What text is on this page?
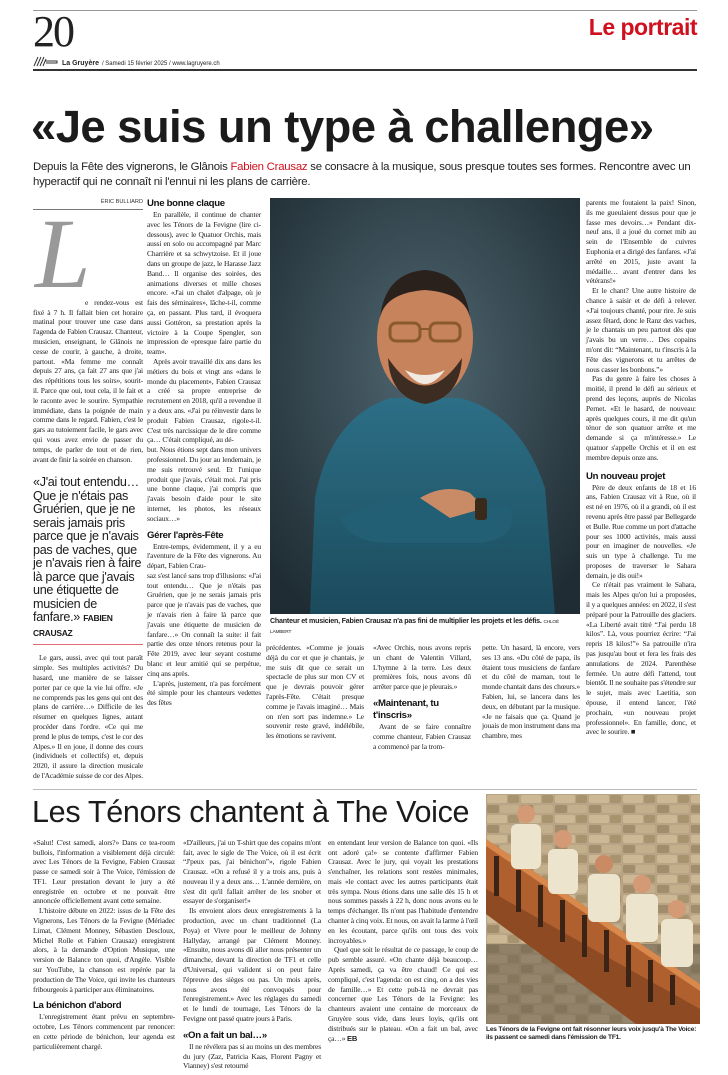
20	Le portrait
La Gruyère / Samedi 15 février 2025 / www.lagruyere.ch
«Je suis un type à challenge»
Depuis la Fête des vignerons, le Glânois Fabien Crausaz se consacre à la musique, sous presque toutes ses formes. Rencontre avec un hyperactif qui ne connaît ni l'ennui ni les plans de carrière.
ÉRIC BULLIARD
L

e rendez-vous est fixé à 7 h. Il fallait bien cet horaire matinal pour trouver une case dans l'agenda de Fabien Crausaz. Chanteur, musicien, enseignant, le Glânois ne cesse de courir, à gauche, à droite, partout. «Ma femme me connaît depuis 27 ans, ça fait 27 ans que j'ai des répétitions tous les soirs», sourit-il. Parce que oui, tout cela, il le fait et le raconte avec le sourire. Sympathie immédiate, dans la poignée de main comme dans le regard. Fabien, c'est le gars au tutoiement facile, le gars avec qui vous avez envie de passer du temps, de parler de tout et de rien, avant de finir la soirée en chanson.

«J'ai tout entendu… Que je n'étais pas Gruérien, que je ne serais jamais pris parce que je n'avais pas de vaches, que je n'avais rien à faire là parce que j'avais une étiquette de musicien de fanfare.» FABIEN CRAUSAZ

Le gars, aussi, avec qui tout paraît simple. Ses multiples activités? Du hasard, une manière de se laisser porter par ce que la vie lui offre. «Je ne comprends pas les gens qui ont des plans de carrière…» Difficile de les résumer en quelques lignes, autant procéder dans l'ordre. «Ce qui me prend le plus de temps, c'est le cor des Alpes.» Il en joue, il donne des cours (individuels et collectifs) et, depuis 2020, il assure la direction musicale de l'Académie suisse de cor des Alpes.

Une bonne claque

En parallèle, il continue de chanter avec les Ténors de la Fevigne (lire ci-dessous), avec le Quatuor Orchis, mais aussi en solo ou accompagné par Marc Charrière et sa schwytzoise. Et il joue dans un groupe de jazz, le Harasse Jazz Band… Il organise des soirées, des animations diverses et mille choses encore. «J'ai un chalet d'alpage, où je fais des séminaires», lâche-t-il, comme ça, en passant. Plus tard, il évoquera aussi Gottéron, sa prestation après la victoire à la Coupe Spengler, son impression de «presque faire partie du team».

Après avoir travaillé dix ans dans les métiers du bois et vingt ans «dans le monde du placement», Fabien Crausaz a créé sa propre entreprise de recrutement en 2018, qu'il a revendue il y a deux ans. «J'ai pu réinvestir dans le produit Fabien Crausaz, rigole-t-il. C'est très narcissique de le dire comme ça… C'était compliqué, au dé-

but. Nous étions sept dans mon univers professionnel. Du jour au lendemain, je me suis retrouvé seul. Et l'unique produit que j'avais, c'était moi. J'ai pris une bonne claque, j'ai compris que j'avais besoin d'aide pour le site internet, les photos, les réseaux sociaux…»

Gérer l'après-Fête

Entre-temps, évidemment, il y a eu l'aventure de la Fête des vignerons. Au départ, Fabien Crau-

saz s'est lancé sans trop d'illusions: «J'ai tout entendu… Que je n'étais pas Gruérien, que je ne serais jamais pris parce que je n'avais pas de vaches, que je n'avais rien à faire là parce que j'avais une étiquette de musicien de fanfare…» On connaît la suite: il fait partie des onze ténors retenus pour la Fête 2019, avec leur seyant costume blanc et leur amitié qui se perpétue, cinq ans après.

L'après, justement, n'a pas forcément été simple pour les chanteurs vedettes des fêtes

Chanteur et musicien, Fabien Crausaz n'a pas fini de multiplier les projets et les défis. CHLOÉ LAMBERT

précédentes. «Comme je jouais déjà du cor et que je chantais, je me suis dit que ce serait un spectacle de plus sur mon CV et que je devrais pouvoir gérer l'après-Fête. C'était presque comme je l'avais imaginé… Mais on n'en sort pas indemne.» Le souvenir reste gravé, indélébile, les émotions se ravivent.

«Avec Orchis, nous avons repris un chant de Valentin Villard, L'hymne à la terre. Les deux premières fois, nous avons dû arrêter parce que je pleurais.»

«Maintenant, tu t'inscris»

Avant de se faire connaître comme chanteur, Fabien Crausaz a commencé par la trom-

pette. Un hasard, là encore, vers ses 13 ans. «Du côté de papa, ils étaient tous musiciens de fanfare et du côté de maman, tout le monde chantait dans des chœurs.» Fabien, lui, se lancera dans les deux, en débutant par la musique. «Je ne faisais que ça. Quand je jouais de mon instrument dans ma chambre, mes

parents me foutaient la paix! Sinon, ils me gueulaient dessus pour que je fasse mes devoirs…» Pendant dix-neuf ans, il a joué du cornet mib au sein de l'Ensemble de cuivres Euphonia et a dirigé des fanfares. «J'ai arrêté en 2015, juste avant la médaille… avant d'entrer dans les vétérans!»

Et le chant? Une autre histoire de chance à saisir et de défi à relever. «J'ai toujours chanté, pour rire. Je suis assez fêtard, donc le Ranz des vaches, je le chantais un peu partout dès que j'avais bu un verre… Des copains m'ont dit: “Maintenant, tu t'inscris à la Fête des vignerons et tu arrêtes de nous casser les bonbons.”»

Pas du genre à faire les choses à moitié, il prend le défi au sérieux et prend des leçons, auprès de Nicolas Pernet. «Et le hasard, de nouveau: après quelques cours, il me dit qu'un ténor de son quatuor arrête et me demande si ça m'intéresse.» Le quatuor s'appelle Orchis et il en est membre depuis onze ans.

Un nouveau projet

Père de deux enfants de 18 et 16 ans, Fabien Crausaz vit à Rue, où il est né en 1976, où il a grandi, où il est revenu après être passé par Bellegarde et Bulle. Rue comme un port d'attache pour ses 1000 activités, mais aussi pour en imaginer de nouvelles. «Je suis un type à challenge. Tu me proposes de traverser le Sahara demain, je dis oui!»

Ce n'était pas vraiment le Sahara, mais les Alpes qu'on lui a proposées, il y a quelques années: en 2022, il s'est préparé pour la Patrouille des glaciers. «La Liberté avait titré “J'ai perdu 18 kilos”. Là, vous pourriez écrire: “J'ai repris 18 kilos!”» Sa patrouille n'ira pas jusqu'au bout et fera les frais des annulations de 2024. Parenthèse fermée. Un autre défi l'attend, tout bientôt. Il ne souhaite pas s'étendre sur le sujet, mais avec Laetitia, son épouse, il entend lancer, l'été prochain, «un nouveau projet professionnel». En famille, donc, et avec le sourire. ■

Les Ténors chantent à The Voice

«Salut! C'est samedi, alors?» Dans ce tea-room bullois, l'information a visiblement déjà circulé: avec Les Ténors de la Fevigne, Fabien Crausaz passe ce samedi soir à The Voice, l'émission de TF1. Leur prestation devant le jury a été enregistrée en octobre et ne pouvait être annoncée officiellement avant cette semaine.

L'histoire débute en 2022: issus de la Fête des Vignerons, Les Ténors de la Fevigne (Mériadec Limat, Clément Monney, Sébastien Descloux, Michel Rolle et Fabien Crausaz) enregistrent alors, à la demande d'Option Musique, une version de Balance ton quoi, d'Angèle. Visible sur YouTube, la chanson est repérée par la production de The Voice, qui invite les chanteurs fribourgeois à participer aux éliminatoires.

La bénichon d'abord

L'enregistrement étant prévu en septembre-octobre, Les Ténors commencent par renoncer: en cette période de bénichon, leur agenda est particulièrement chargé.

«D'ailleurs, j'ai un T-shirt que des copains m'ont fait, avec le sigle de The Voice, où il est écrit “J'peux pas, j'ai bénichon”», rigole Fabien Crausaz. «On a refusé il y a trois ans, puis à nouveau il y a deux ans… L'année dernière, on s'est dit qu'il fallait arrêter de les snober et essayer de s'organiser!»

Ils envoient alors deux enregistrements à la production, avec un chant traditionnel (La Poya) et Vivre pour le meilleur de Johnny Hallyday, arrangé par Clément Monney. «Ensuite, nous avons dû aller nous présenter un dimanche, devant la direction de TF1 et celle d'Universal, qui valident si on peut faire l'épreuve des sièges ou pas. Un mois après, nous avons été convoqués pour l'enregistrement.» Avec les réglages du samedi et le lundi de tournage, Les Ténors de la Fevigne ont passé quatre jours à Paris.

«On a fait un bal…»

Il ne révélera pas si au moins un des membres du jury (Zaz, Patricia Kaas, Florent Pagny et Vianney) s'est retourné

en entendant leur version de Balance ton quoi. «Ils ont adoré ça!» se contente d'affirmer Fabien Crausaz. Avec le jury, qui voyait les prestations s'enchaîner, les relations sont restées minimales, mais «le contact avec les autres participants était très sympa. Nous étions dans une salle dès 15 h et nous sommes passés à 22 h, donc nous avons eu le temps d'échanger. Ils n'ont pas l'habitude d'entendre chanter à cinq voix. Et nous, on avait la larme à l'œil en les écoutant, parce qu'ils ont tous des voix incroyables.»

Quel que soit le résultat de ce passage, le coup de pub semble assuré. «On chante déjà beaucoup… Après samedi, ça va être chaud! Ce qui est compliqué, c'est l'agenda: on est cinq, on a des vies de famille…» Et cette pub-là ne devrait pas concerner que Les Ténors de la Fevigne: les chanteurs avaient une centaine de morceaux de Gruyère sous vide, dans leurs loyis, qu'ils ont distribués sur le plateau. «On a fait un bal, avec ça…» EB

Les Ténors de la Fevigne ont fait résonner leurs voix jusqu'à The Voice: ils passent ce samedi dans l'émission de TF1.
